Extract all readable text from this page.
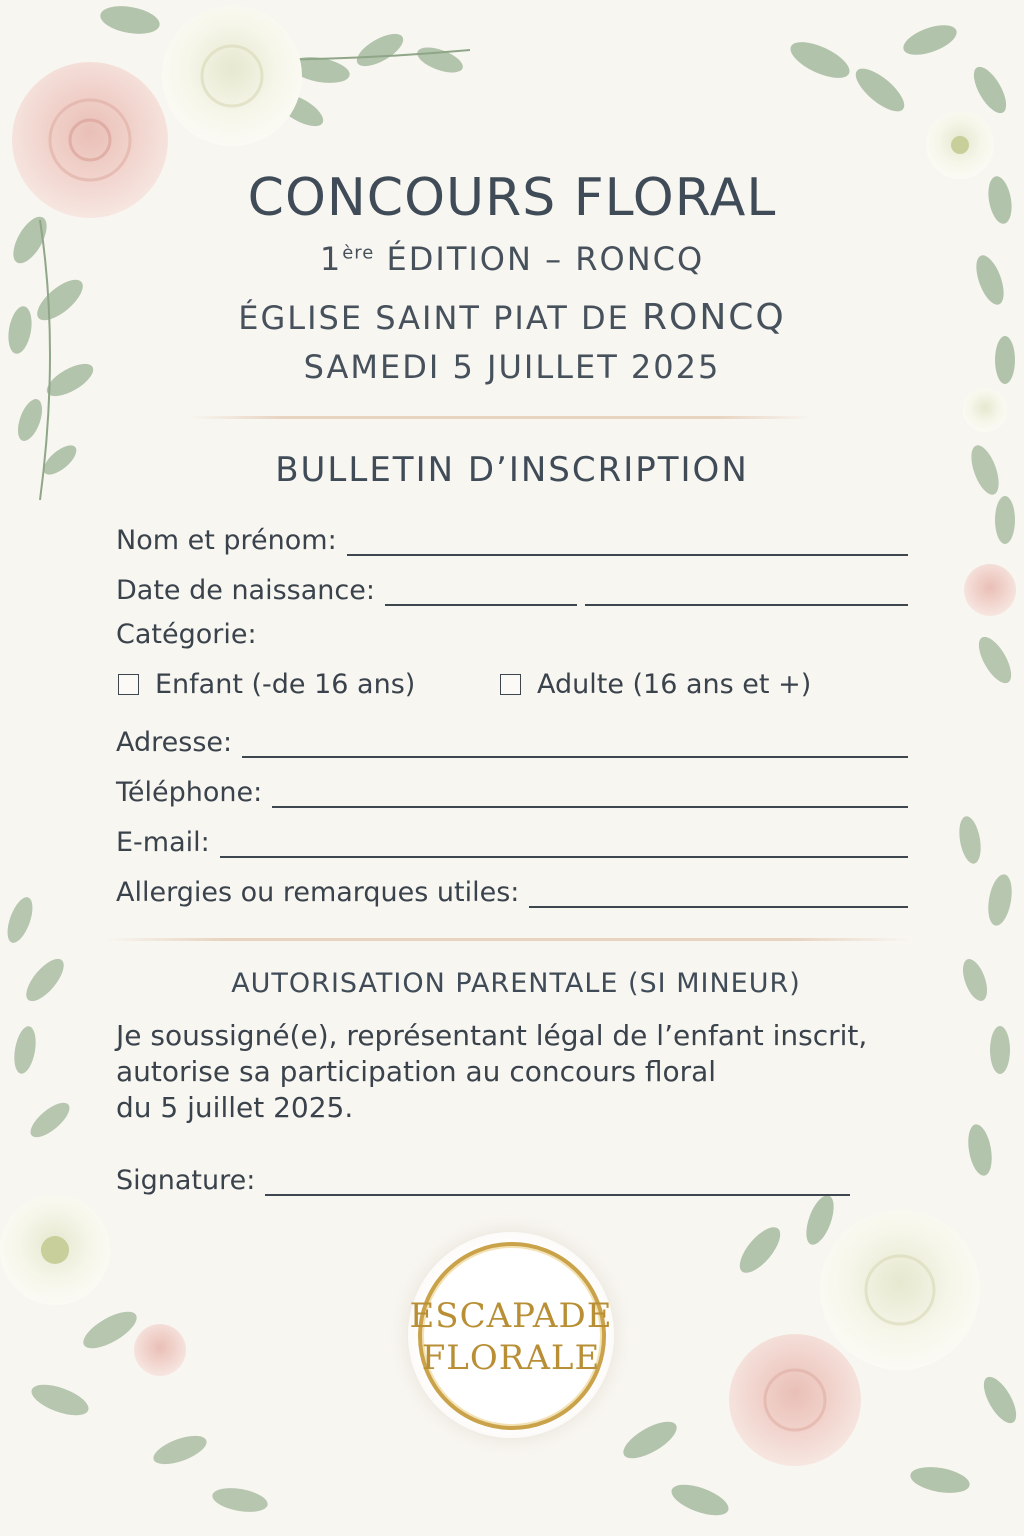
CONCOURS FLORAL
1ère ÉDITION – RONCQ
ÉGLISE SAINT PIAT DE RONCQ
SAMEDI 5 JUILLET 2025
BULLETIN D’INSCRIPTION
Nom et prénom:
Date de naissance:
Catégorie:
Enfant (-de 16 ans)	Adulte (16 ans et +)
Adresse:
Téléphone:
E-mail:
Allergies ou remarques utiles:
AUTORISATION PARENTALE (SI MINEUR)
Je soussigné(e), représentant légal de l’enfant inscrit,
autorise sa participation au concours floral
du 5 juillet 2025.
Signature:
ESCAPADE
FLORALE
